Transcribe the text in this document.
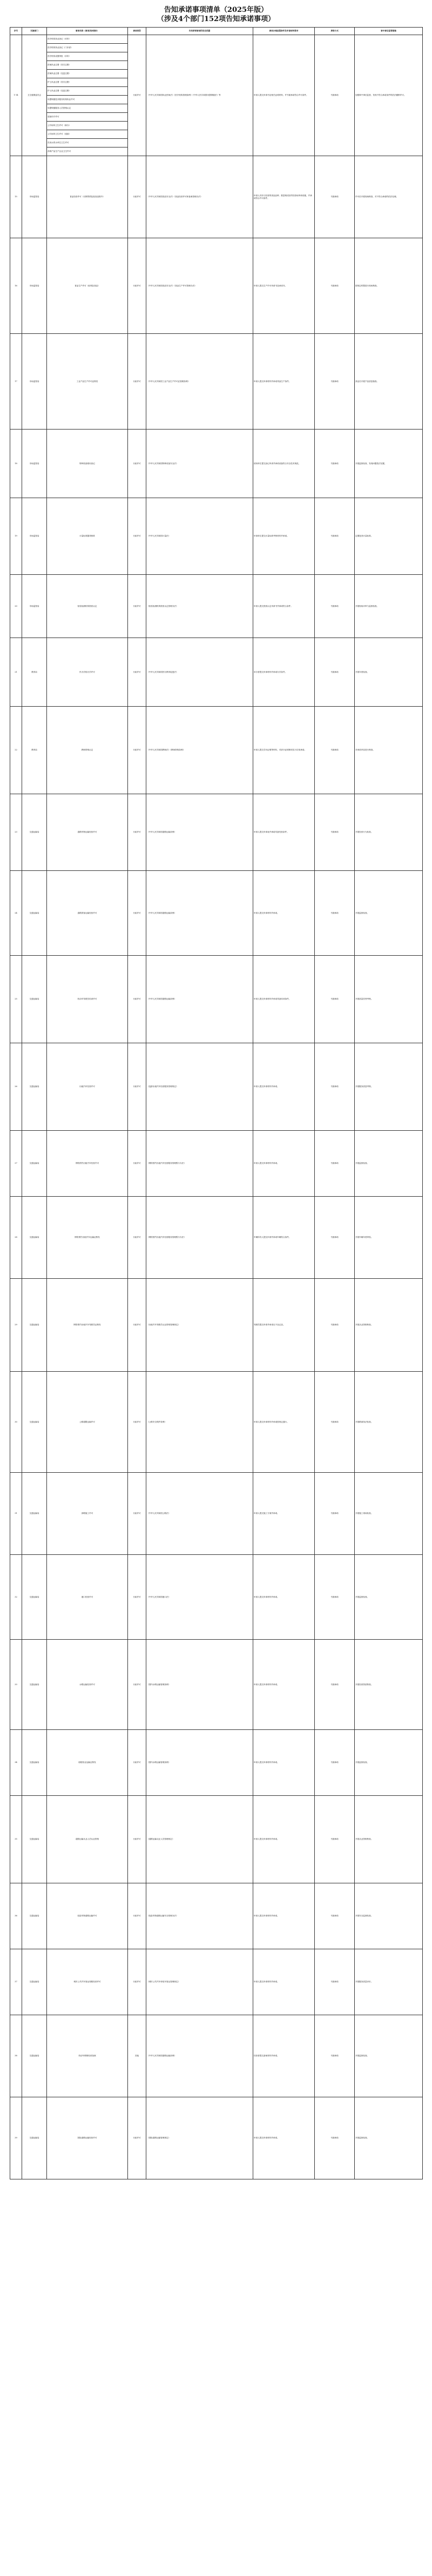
告知承诺事项清单（2025年版）
（涉及4个部门152项告知承诺事项）
序号	实施部门	事项名称（事项具体情形）	事项类型	告知承诺事项的设定依据	事项办理前置条件及申请材料要求	承诺方式	事中事后监管措施
1-14	卫生健康委员会	医疗机构执业登记（诊所）	行政许可	《中华人民共和国执业医师法》《医疗机构管理条例》《中华人民共和国母婴保健法》等	申请人提交申请书及相关证明材料，并书面承诺符合许可条件。	书面承诺	加强事中事后监管，发现不符合承诺条件的依法撤销许可。
		医疗机构执业登记（门诊部）					
		医疗机构设置审批（诊所）					
		医师执业注册（首次注册）					
		医师执业注册（变更注册）					
		护士执业注册（首次注册）					
		护士执业注册（变更注册）					
		母婴保健技术服务机构执业许可					
		母婴保健服务人员资格认定					
		放射诊疗许可					
		公共场所卫生许可（新办）					
		公共场所卫生许可（延续）					
		饮用水供水单位卫生许可					
		消毒产品生产企业卫生许可					
15	市场监管局	食品经营许可（仅销售预包装食品除外）	行政许可	《中华人民共和国食品安全法》《食品经营许可和备案管理办法》	申请人具有与经营的食品品种、数量相适应的经营场所和设施，并承诺符合许可条件。	书面承诺	许可后开展现场核查，对不符合承诺的依法处理。
16	市场监管局	食品生产许可（低风险食品）	行政许可	《中华人民共和国食品安全法》《食品生产许可管理办法》	申请人提交生产许可申请书及承诺书。	书面承诺	按规定时限进行现场核查。
17	市场监管局	工业产品生产许可证核发	行政许可	《中华人民共和国工业产品生产许可证管理条例》	申请人提交申请材料并承诺具备生产条件。	书面承诺	获证后开展产品质量抽查。
18	市场监管局	特种设备使用登记	行政许可	《中华人民共和国特种设备安全法》	使用单位提交登记申请并承诺设备符合安全技术规范。	书面承诺	开展监督检查，发现问题依法处置。
19	市场监管局	计量标准器具核准	行政许可	《中华人民共和国计量法》	申请单位提交计量标准考核材料并承诺。	书面承诺	定期复查计量标准。
20	市场监管局	检验检测机构资质认定	行政许可	《检验检测机构资质认定管理办法》	申请人提交资质认定申请书并承诺符合条件。	书面承诺	开展现场评审与监督检查。
21	教育局	民办学校办学许可	行政许可	《中华人民共和国民办教育促进法》	举办者提交申请材料并承诺办学条件。	书面承诺	开展年度检查。
22	教育局	教师资格认定	行政许可	《中华人民共和国教师法》《教师资格条例》	申请人提交学历证明等材料，对部分证明事项实行告知承诺。	书面承诺	对承诺内容进行核查。
23	交通运输局	道路货物运输经营许可	行政许可	《中华人民共和国道路运输条例》	申请人提交申请表并承诺具备经营条件。	书面承诺	开展经营行为检查。
24	交通运输局	道路旅客运输经营许可	行政许可	《中华人民共和国道路运输条例》	申请人提交申请材料并承诺。	书面承诺	开展监督检查。
25	交通运输局	机动车驾驶员培训许可	行政许可	《中华人民共和国道路运输条例》	申请人提交申请材料并承诺具备培训条件。	书面承诺	开展质量信誉考核。
26	交通运输局	出租汽车经营许可	行政许可	《巡游出租汽车经营服务管理规定》	申请人提交申请材料并承诺。	书面承诺	开展服务质量考核。
27	交通运输局	网络预约出租汽车经营许可	行政许可	《网络预约出租汽车经营服务管理暂行办法》	申请人提交申请材料并承诺。	书面承诺	开展监督检查。
28	交通运输局	网络预约出租汽车运输证核发	行政许可	《网络预约出租汽车经营服务管理暂行办法》	车辆所有人提交申请并承诺车辆符合条件。	书面承诺	开展车辆年度审验。
29	交通运输局	网络预约出租汽车驾驶员证核发	行政许可	《出租汽车驾驶员从业资格管理规定》	驾驶员提交申请并承诺无不良记录。	书面承诺	开展从业资格核查。
30	交通运输局	公路超限运输许可	行政许可	《公路安全保护条例》	申请人提交申请材料并承诺按规定通行。	书面承诺	开展路面执法检查。
31	交通运输局	涉路施工许可	行政许可	《中华人民共和国公路法》	申请人提交施工方案并承诺。	书面承诺	开展施工现场检查。
32	交通运输局	港口经营许可	行政许可	《中华人民共和国港口法》	申请人提交申请材料并承诺。	书面承诺	开展监督检查。
33	交通运输局	水路运输经营许可	行政许可	《国内水路运输管理条例》	申请人提交申请材料并承诺。	书面承诺	开展经营资质核查。
34	交通运输局	船舶营业运输证核发	行政许可	《国内水路运输管理条例》	申请人提交申请材料并承诺。	书面承诺	开展监督检查。
35	交通运输局	道路运输从业人员从业资格	行政许可	《道路运输从业人员管理规定》	申请人提交申请材料并承诺。	书面承诺	开展从业资格核查。
36	交通运输局	危险货物道路运输许可	行政许可	《危险货物道路运输安全管理办法》	申请人提交申请材料并承诺。	书面承诺	开展安全监督检查。
37	交通运输局	城市公共汽车客运线路经营许可	行政许可	《城市公共汽车和电车客运管理规定》	申请人提交申请材料并承诺。	书面承诺	开展服务质量评价。
38	交通运输局	机动车维修经营备案	其他	《中华人民共和国道路运输条例》	经营者提交备案材料并承诺。	书面承诺	开展监督检查。
39	交通运输局	国际道路运输经营许可	行政许可	《国际道路运输管理规定》	申请人提交申请材料并承诺。	书面承诺	开展监督检查。
